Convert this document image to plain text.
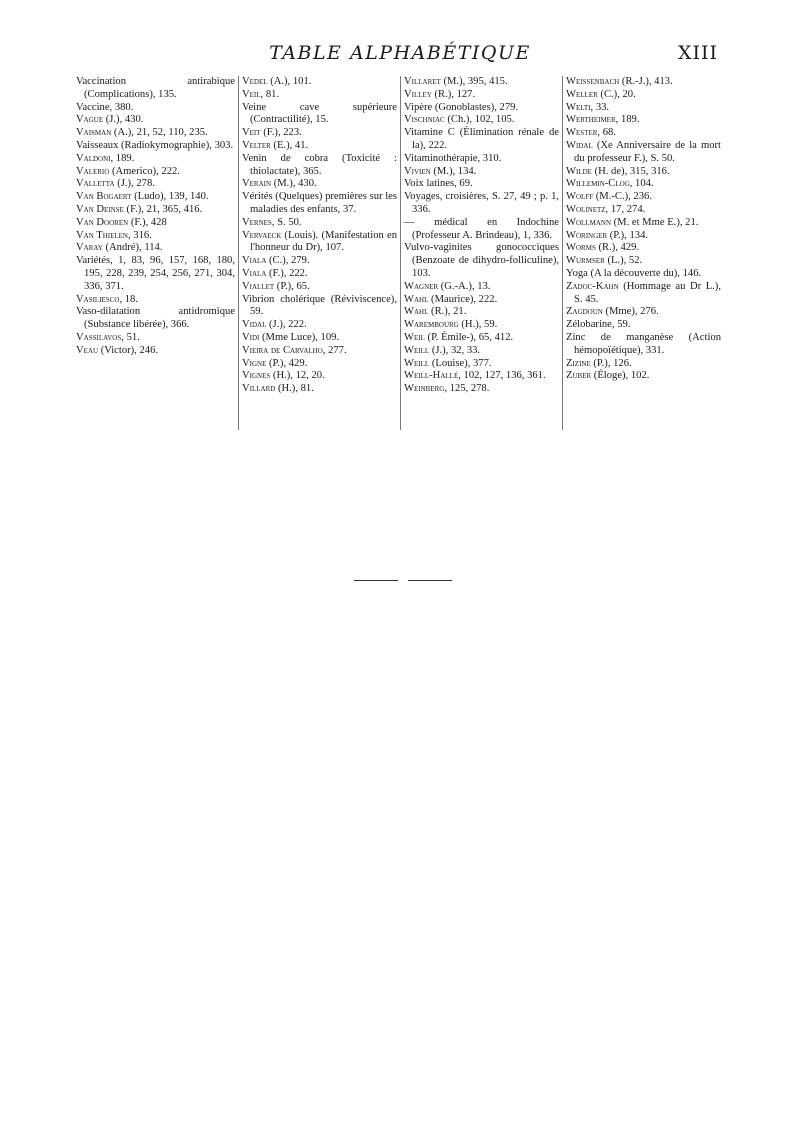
TABLE ALPHABÉTIQUE	XIII
Vaccination antirabique (Complications), 135.
Vaccine, 380.
Vague (J.), 430.
Vaisman (A.), 21, 52, 110, 235.
Vaisseaux (Radiokymographie), 303.
Valdoni, 189.
Valerio (Americo), 222.
Valletta (J.), 278.
Van Bogaert (Ludo), 139, 140.
Van Deinse (F.), 21, 365, 416.
Van Dooren (F.), 428
Van Thielen, 316.
Varay (André), 114.
Variétés, 1, 83, 96, 157, 168, 180, 195, 228, 239, 254, 256, 271, 304, 336, 371.
Vasiliesco, 18.
Vaso-dilatation antidromique (Substance libérée), 366.
Vassilavos, 51.
Veau (Victor), 246.
Vedel (A.), 101.
Veil, 81.
Veine cave supérieure (Contractilité), 15.
Veit (F.), 223.
Velter (E.), 41.
Venin de cobra (Toxicité : thiolactate), 365.
Verain (M.), 430.
Vérités (Quelques) premières sur les maladies des enfants, 37.
Vernes, S. 50.
Vervaeck (Louis). (Manifestation en l'honneur du Dr), 107.
Viala (C.), 279.
Viala (F.), 222.
Viallet (P.), 65.
Vibrion cholérique (Réviviscence), 59.
Vidal (J.), 222.
Vidi (Mme Luce), 109.
Vieira de Carvalho, 277.
Vigne (P.), 429.
Vignes (H.), 12, 20.
Villard (H.), 81.
Villaret (M.), 395, 415.
Villey (R.), 127.
Vipère (Gonoblastes), 279.
Vischniac (Ch.), 102, 105.
Vitamine C (Élimination rénale de la), 222.
Vitaminothérapie, 310.
Vivien (M.), 134.
Voix latines, 69.
Voyages, croisières, S. 27, 49 ; p. 1, 336.
— médical en Indochine (Professeur A. Brindeau), 1, 336.
Vulvo-vaginites gonococciques (Benzoate de dihydro-folliculine), 103.
Wagner (G.-A.), 13.
Wahl (Maurice), 222.
Wahl (R.), 21.
Warembourg (H.), 59.
Weil (P. Émile-), 65, 412.
Weill (J.), 32, 33.
Weill (Louise), 377.
Weill-Hallé, 102, 127, 136, 361.
Weinberg, 125, 278.
Weissenbach (R.-J.), 413.
Weller (C.), 20.
Welti, 33.
Wertheimer, 189.
Wester, 68.
Widal (Xe Anniversaire de la mort du professeur F.), S. 50.
Wilde (H. de), 315, 316.
Willemin-Clog, 104.
Wolff (M.-C.), 236.
Wolinetz, 17, 274.
Wollmann (M. et Mme E.), 21.
Woringer (P.), 134.
Worms (R.), 429.
Wurmser (L.), 52.
Yoga (A la découverte du), 146.
Zadoc-Kahn (Hommage au Dr L.), S. 45.
Zagdoun (Mme), 276.
Zélobarine, 59.
Zinc de manganèse (Action hémopoïétique), 331.
Zizine (P.), 126.
Zuber (Éloge), 102.
